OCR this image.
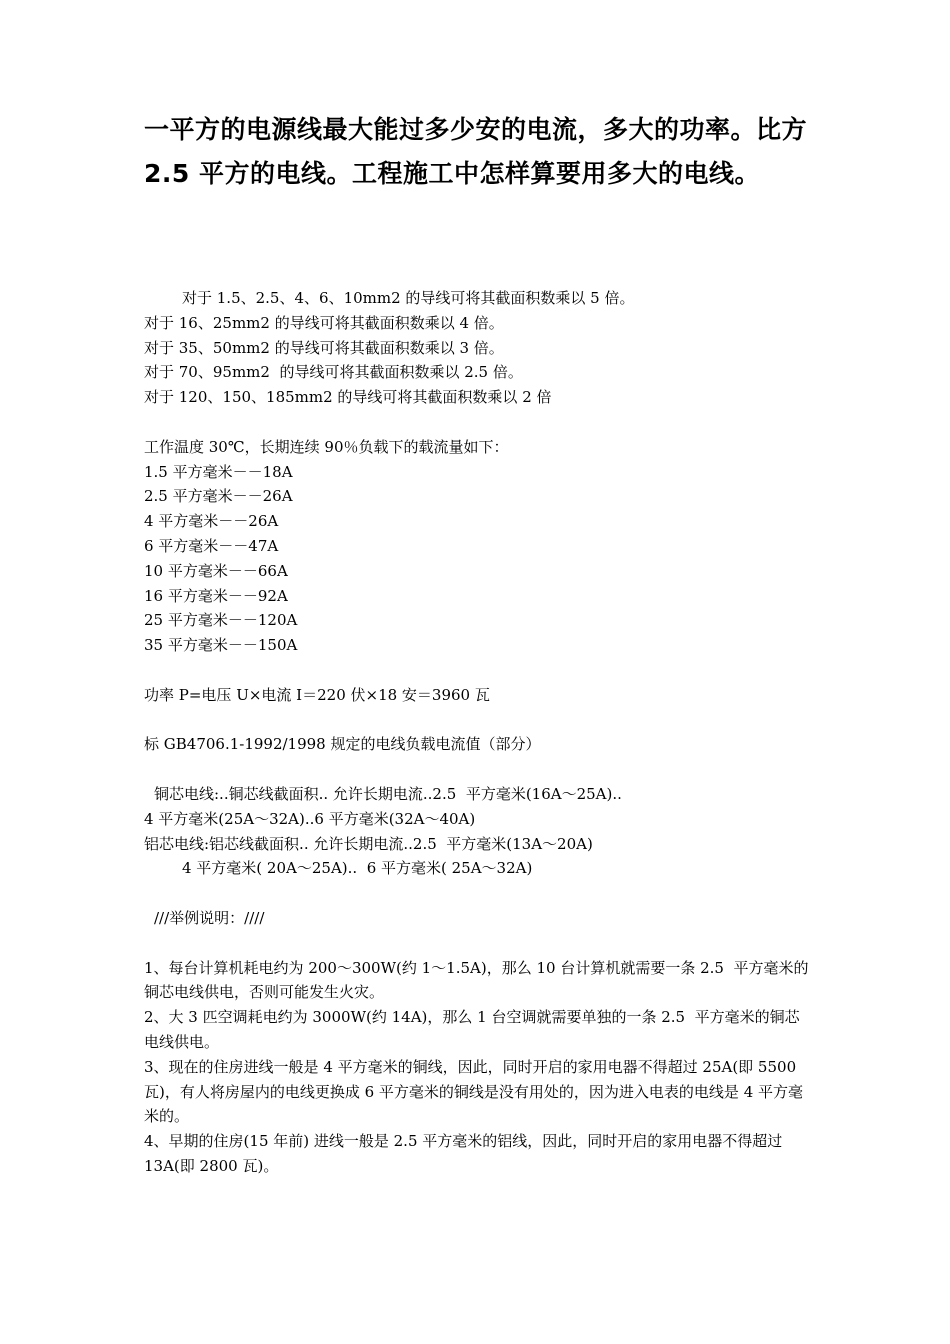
一平方的电源线最大能过多少安的电流，多大的功率。比方 2.5 平方的电线。工程施工中怎样算要用多大的电线。

对于 1.5、2.5、4、6、10mm2 的导线可将其截面积数乘以 5 倍。

对于 16、25mm2 的导线可将其截面积数乘以 4 倍。

对于 35、50mm2 的导线可将其截面积数乘以 3 倍。

对于 70、95mm2  的导线可将其截面积数乘以 2.5 倍。

对于 120、150、185mm2 的导线可将其截面积数乘以 2 倍

工作温度 30℃，长期连续 90％负载下的载流量如下：

1.5 平方毫米－－18A

2.5 平方毫米－－26A

4 平方毫米－－26A

6 平方毫米－－47A

10 平方毫米－－66A

16 平方毫米－－92A

25 平方毫米－－120A

35 平方毫米－－150A

功率 P=电压 U×电流 I＝220 伏×18 安＝3960 瓦

标 GB4706.1-1992/1998 规定的电线负载电流值（部分）

铜芯电线:..铜芯线截面积.. 允许长期电流..2.5  平方毫米(16A～25A)..

4 平方毫米(25A～32A)..6 平方毫米(32A～40A)

铝芯电线:铝芯线截面积.. 允许长期电流..2.5  平方毫米(13A～20A)

4 平方毫米( 20A～25A)..  6 平方毫米( 25A～32A)

///举例说明：////

1、每台计算机耗电约为 200～300W(约 1～1.5A)，那么 10 台计算机就需要一条 2.5  平方毫米的铜芯电线供电，否则可能发生火灾。

2、大 3 匹空调耗电约为 3000W(约 14A)，那么 1 台空调就需要单独的一条 2.5  平方毫米的铜芯电线供电。

3、现在的住房进线一般是 4 平方毫米的铜线，因此，同时开启的家用电器不得超过 25A(即 5500 瓦)，有人将房屋内的电线更换成 6 平方毫米的铜线是没有用处的，因为进入电表的电线是 4 平方毫米的。

4、早期的住房(15 年前) 进线一般是 2.5 平方毫米的铝线，因此，同时开启的家用电器不得超过 13A(即 2800 瓦)。
